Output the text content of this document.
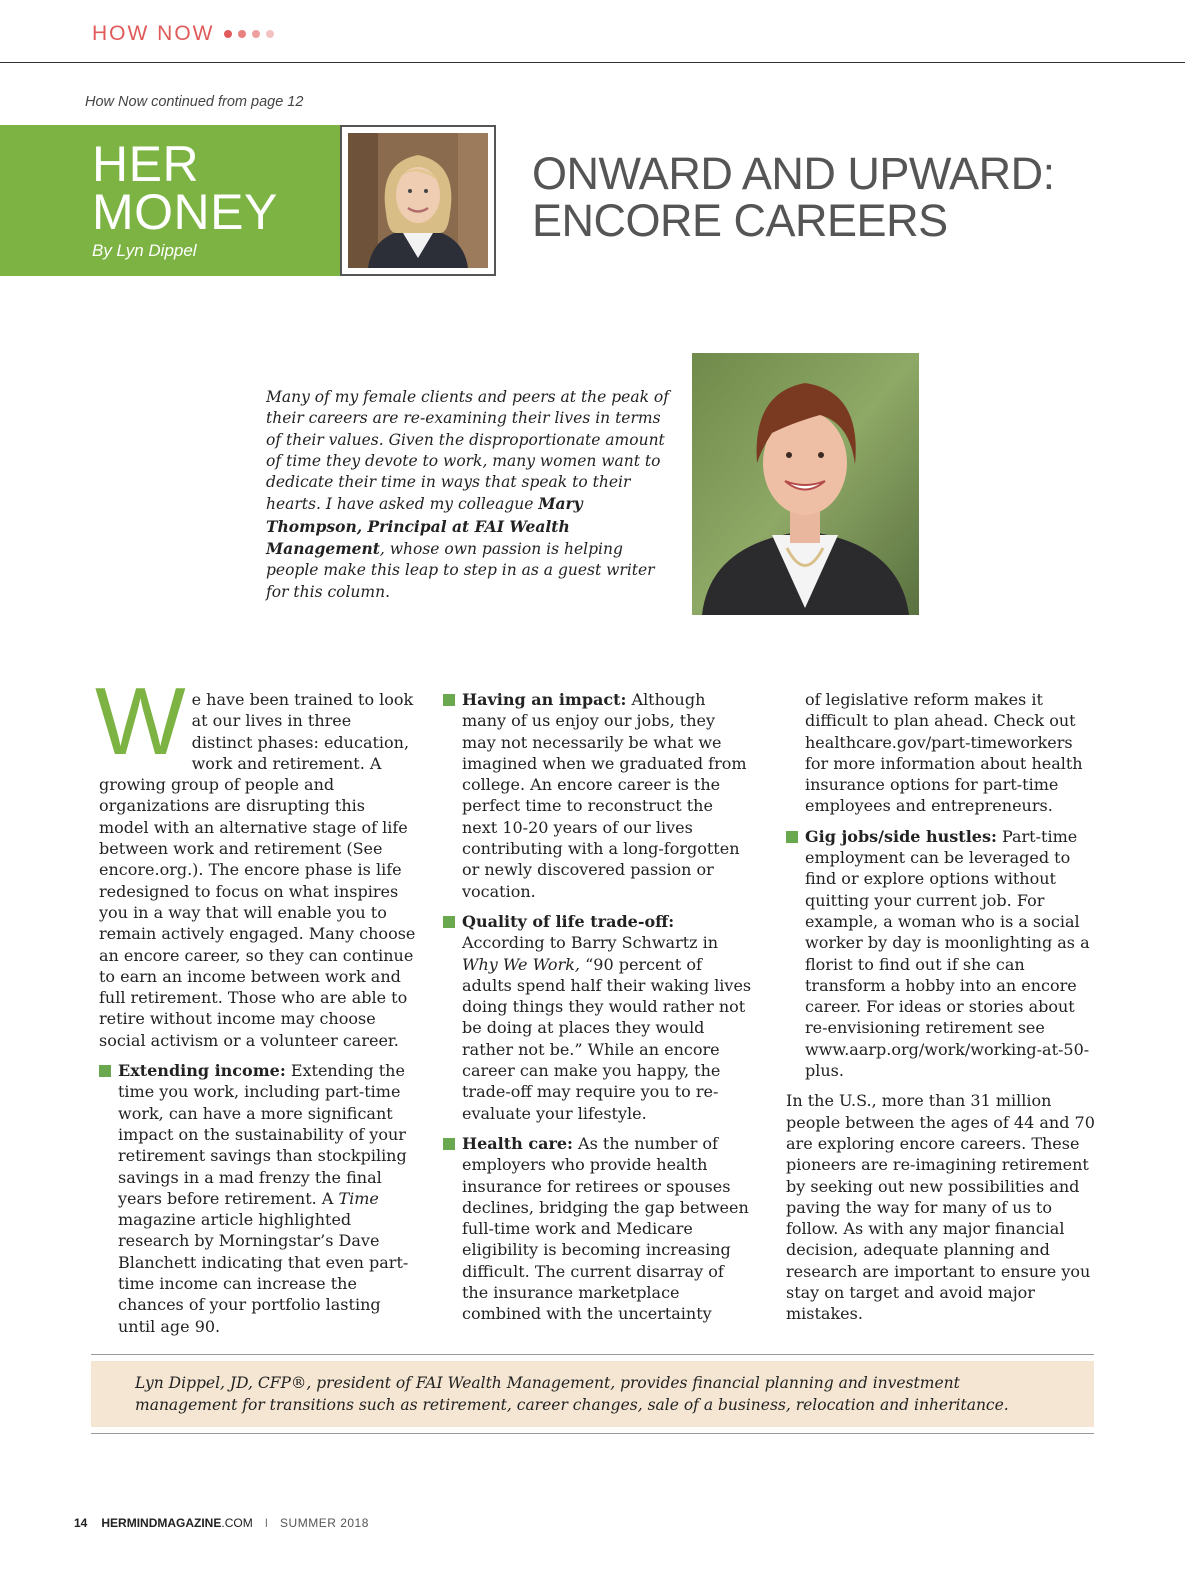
HOW NOW
How Now continued from page 12
HER
MONEY
By Lyn Dippel
ONWARD AND UPWARD:
ENCORE CAREERS
Many of my female clients and peers at the peak of their careers are re-examining their lives in terms of their values. Given the disproportionate amount of time they devote to work, many women want to dedicate their time in ways that speak to their hearts. I have asked my colleague Mary Thompson, Principal at FAI Wealth Management, whose own passion is helping people make this leap to step in as a guest writer for this column.

We have been trained to look at our lives in three distinct phases: education, work and retirement. A growing group of people and organizations are disrupting this model with an alternative stage of life between work and retirement (See encore.org.). The encore phase is life redesigned to focus on what inspires you in a way that will enable you to remain actively engaged. Many choose an encore career, so they can continue to earn an income between work and full retirement. Those who are able to retire without income may choose social activism or a volunteer career.

Extending income: Extending the time you work, including part-time work, can have a more significant impact on the sustainability of your retirement savings than stockpiling savings in a mad frenzy the final years before retirement. A Time magazine article highlighted research by Morningstar’s Dave Blanchett indicating that even part-time income can increase the chances of your portfolio lasting until age 90.

Having an impact: Although many of us enjoy our jobs, they may not necessarily be what we imagined when we graduated from college. An encore career is the perfect time to reconstruct the next 10-20 years of our lives contributing with a long-forgotten or newly discovered passion or vocation.

Quality of life trade-off: According to Barry Schwartz in Why We Work, “90 percent of adults spend half their waking lives doing things they would rather not be doing at places they would rather not be.” While an encore career can make you happy, the trade-off may require you to re-evaluate your lifestyle.

Health care: As the number of employers who provide health insurance for retirees or spouses declines, bridging the gap between full-time work and Medicare eligibility is becoming increasing difficult. The current disarray of the insurance marketplace combined with the uncertainty

of legislative reform makes it difficult to plan ahead. Check out healthcare.gov/part-timeworkers for more information about health insurance options for part-time employees and entrepreneurs.

Gig jobs/side hustles: Part-time employment can be leveraged to find or explore options without quitting your current job. For example, a woman who is a social worker by day is moonlighting as a florist to find out if she can transform a hobby into an encore career. For ideas or stories about re-envisioning retirement see www.aarp.org/work/working-at-50-plus.

In the U.S., more than 31 million people between the ages of 44 and 70 are exploring encore careers. These pioneers are re-imagining retirement by seeking out new possibilities and paving the way for many of us to follow. As with any major financial decision, adequate planning and research are important to ensure you stay on target and avoid major mistakes.

Lyn Dippel, JD, CFP®, president of FAI Wealth Management, provides financial planning and investment management for transitions such as retirement, career changes, sale of a business, relocation and inheritance.
14 HERMINDMAGAZINE.COM I SUMMER 2018
